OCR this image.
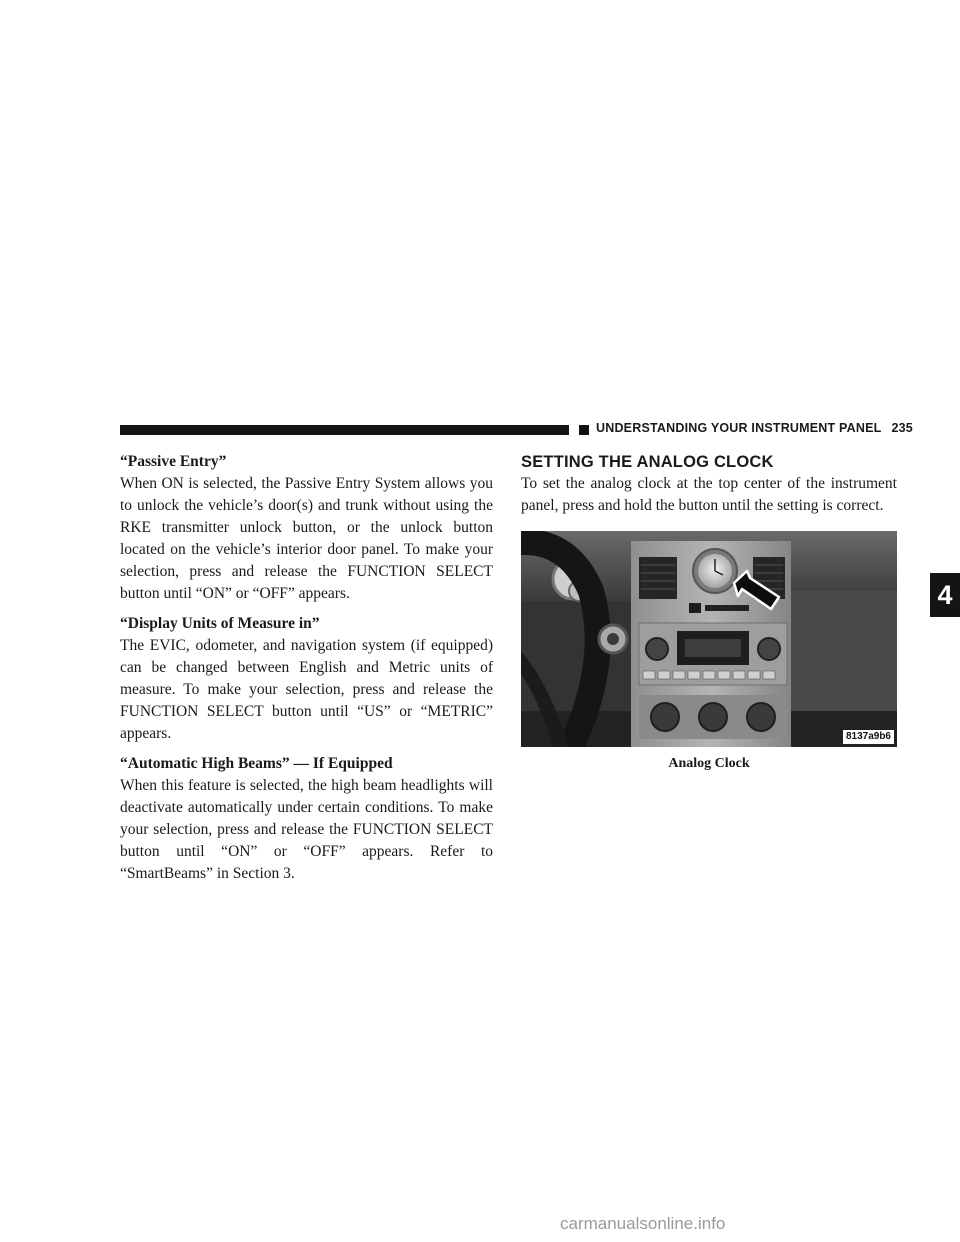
UNDERSTANDING YOUR INSTRUMENT PANEL 235
“Passive Entry”

When ON is selected, the Passive Entry System allows you to unlock the vehicle’s door(s) and trunk without using the RKE transmitter unlock button, or the unlock button located on the vehicle’s interior door panel. To make your selection, press and release the FUNCTION SELECT button until “ON” or “OFF” appears.

“Display Units of Measure in”

The EVIC, odometer, and navigation system (if equipped) can be changed between English and Metric units of measure. To make your selection, press and release the FUNCTION SELECT button until “US” or “METRIC” appears.

“Automatic High Beams” — If Equipped

When this feature is selected, the high beam headlights will deactivate automatically under certain conditions. To make your selection, press and release the FUNCTION SELECT button until “ON” or “OFF” appears. Refer to “SmartBeams” in Section 3.

SETTING THE ANALOG CLOCK

To set the analog clock at the top center of the instrument panel, press and hold the button until the setting is correct.

8137a9b6
Analog Clock
4
carmanualsonline.info
